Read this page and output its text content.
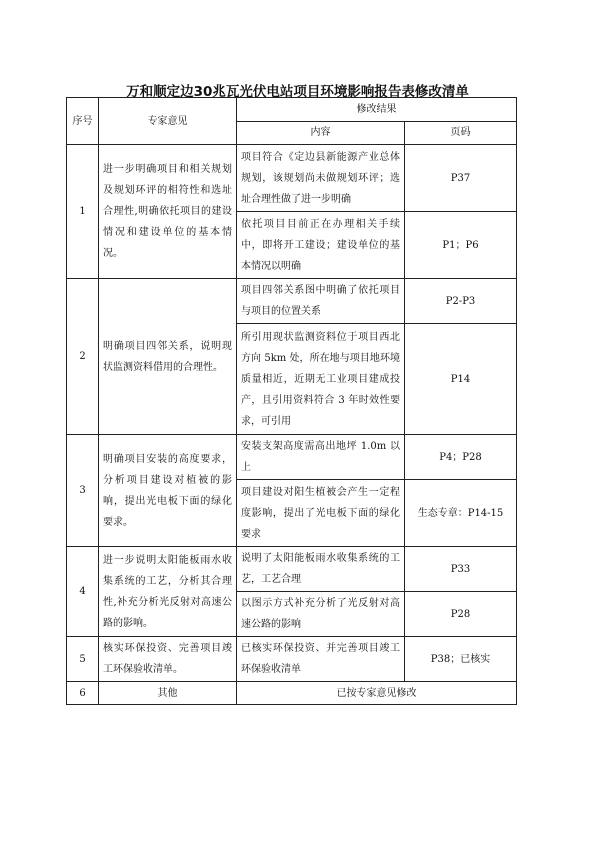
万和顺定边30兆瓦光伏电站项目环境影响报告表修改清单
序号	专家意见	修改结果	
		内容	页码
1	进一步明确项目和相关规划及规划环评的相符性和选址合理性,明确依托项目的建设情况和建设单位的基本情况。	项目符合《定边县新能源产业总体规划，该规划尚未做规划环评；选址合理性做了进一步明确	P37
		依托项目目前正在办理相关手续中，即将开工建设；建设单位的基本情况以明确	P1；P6
2	明确项目四邻关系，说明现状监测资料借用的合理性。	项目四邻关系图中明确了依托项目与项目的位置关系	P2-P3
		所引用现状监测资料位于项目西北方向 5km 处，所在地与项目地环境质量相近，近期无工业项目建成投产，且引用资料符合 3 年时效性要求，可引用	P14
3	明确项目安装的高度要求，分析项目建设对植被的影响，提出光电板下面的绿化要求。	安装支架高度需高出地坪 1.0m 以上	P4；P28
		项目建设对阳生植被会产生一定程度影响，提出了光电板下面的绿化要求	生态专章：P14-15
4	进一步说明太阳能板雨水收集系统的工艺，分析其合理性,补充分析光反射对高速公路的影响。	说明了太阳能板雨水收集系统的工艺，工艺合理	P33
		以图示方式补充分析了光反射对高速公路的影响	P28
5	核实环保投资、完善项目竣工环保验收清单。	已核实环保投资、并完善项目竣工环保验收清单	P38；已核实
6	其他	已按专家意见修改	
